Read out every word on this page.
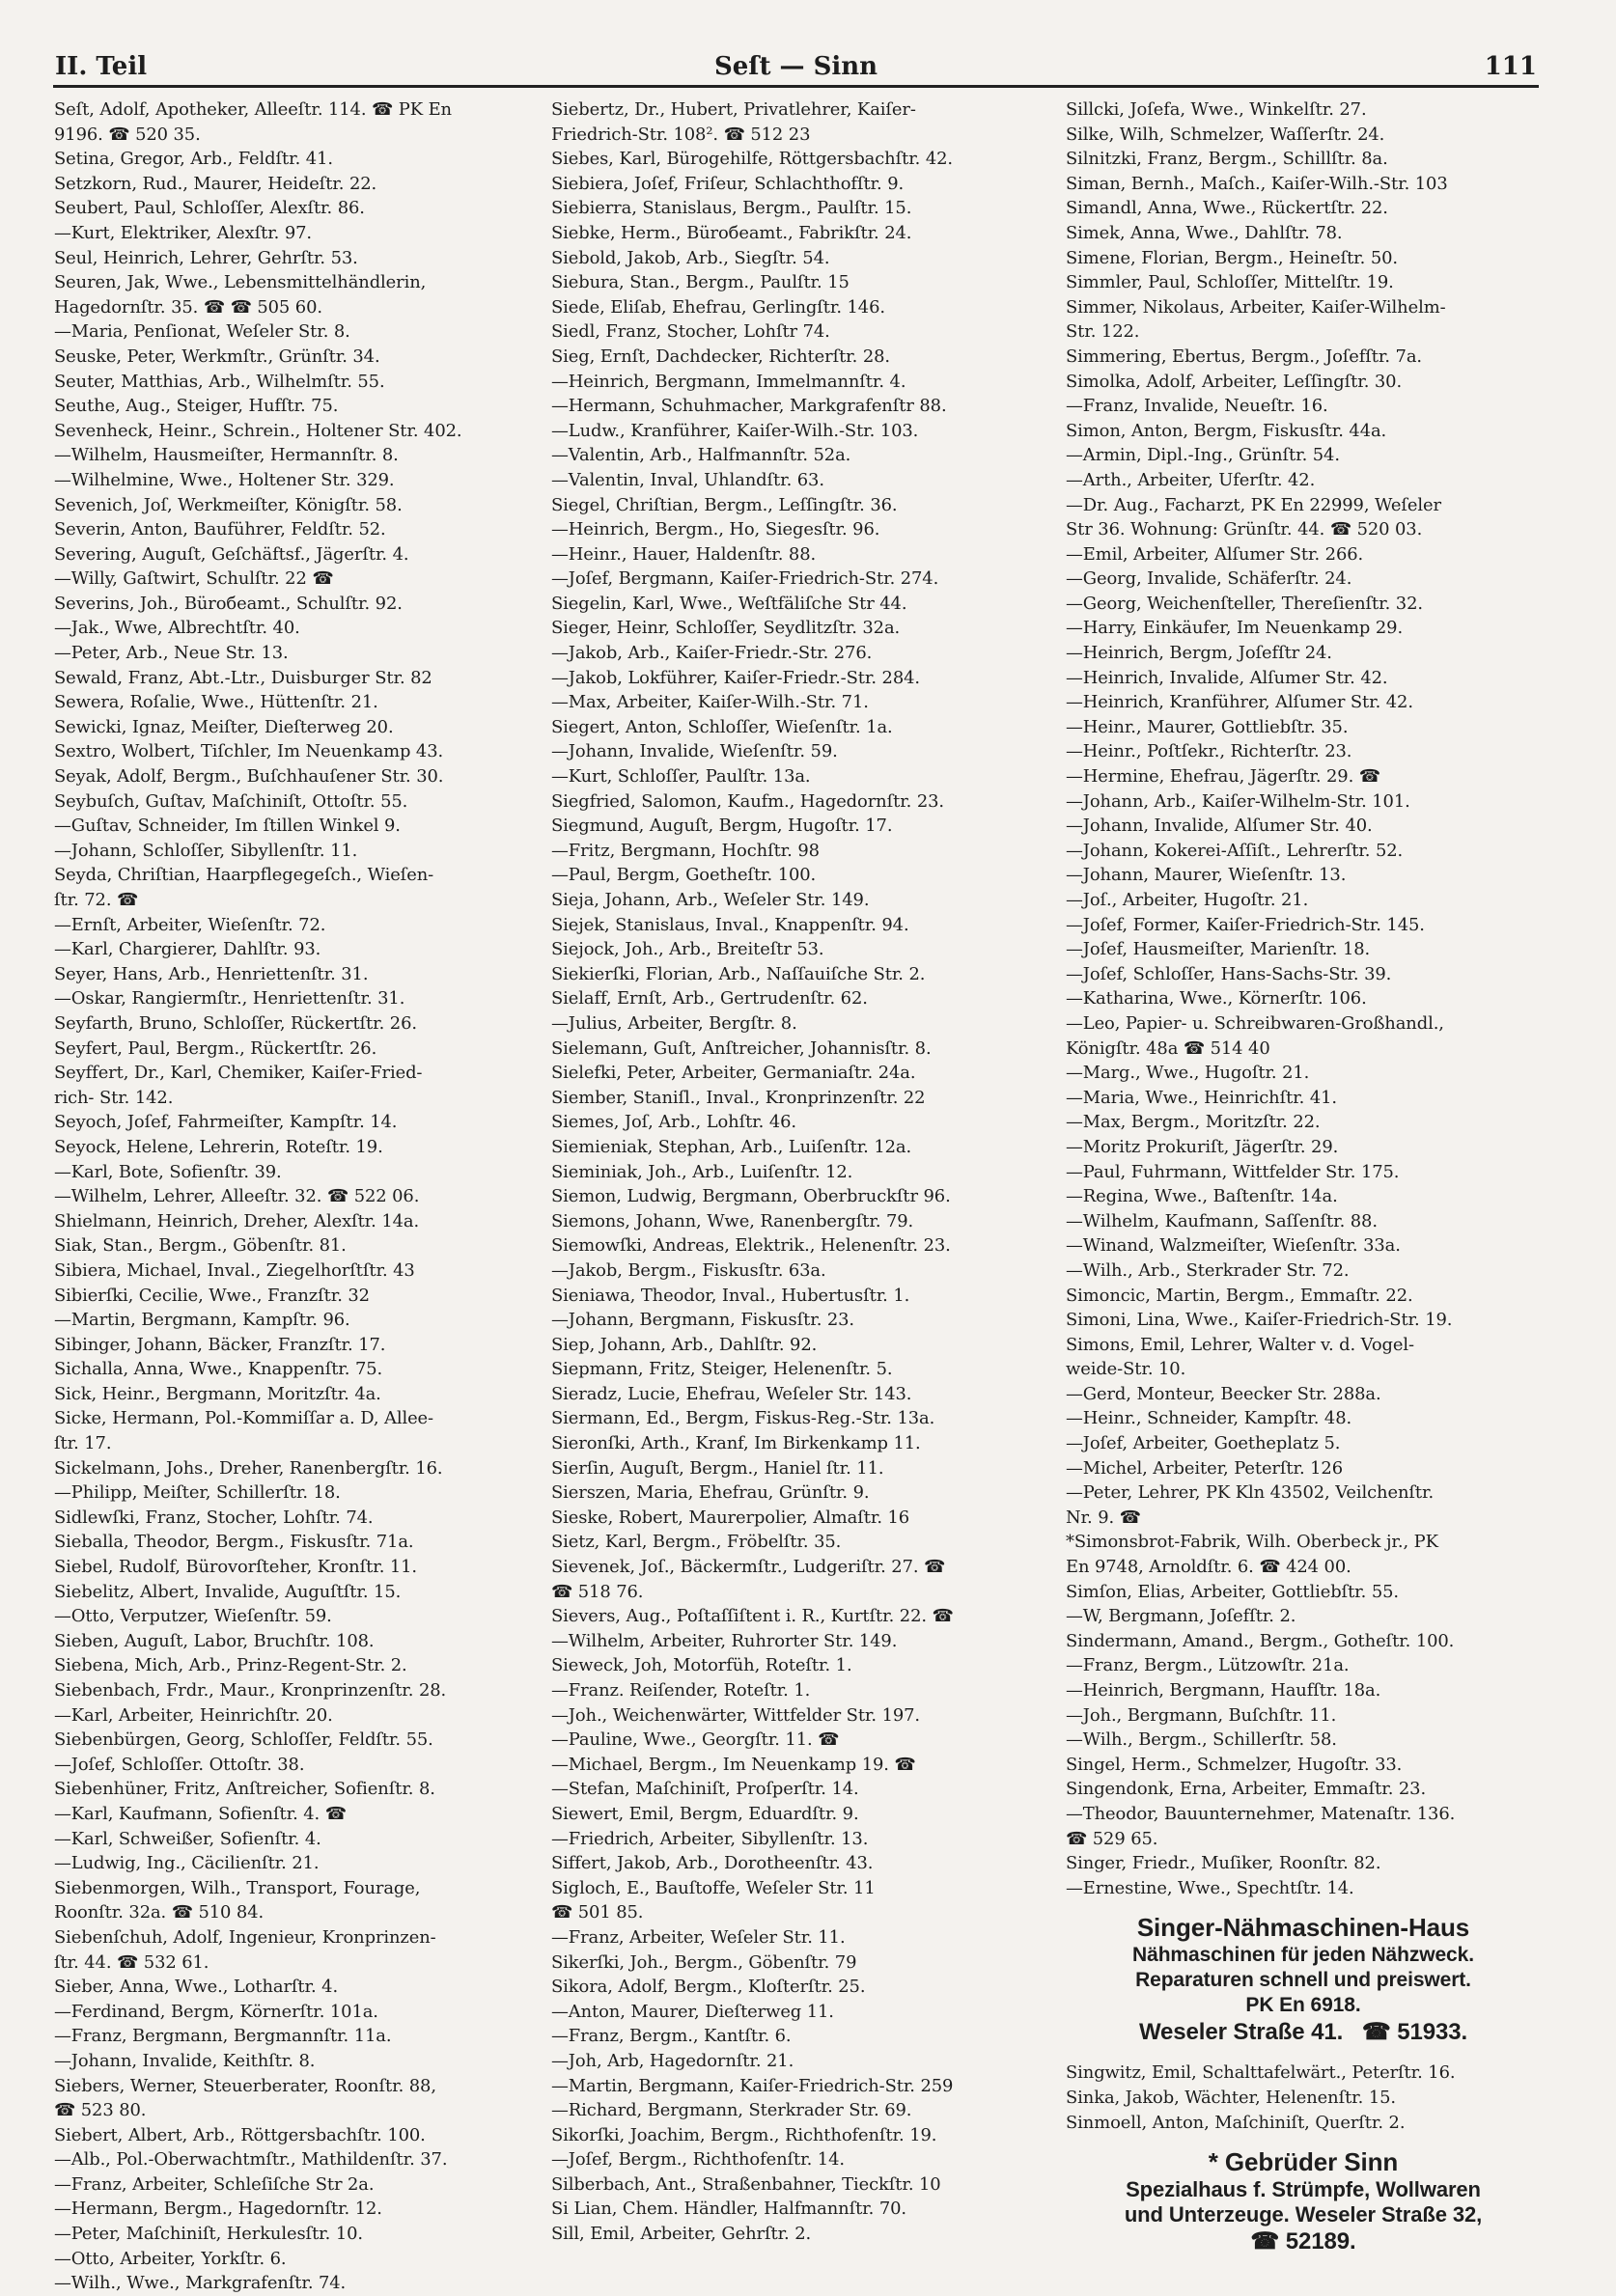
II. Teil	Seſt — Sinn	111
Seſt, Adolf, Apotheker, Alleeſtr. 114. ☎ PK En
9196. ☎ 520 35.
Setina, Gregor, Arb., Feldſtr. 41.
Setzkorn, Rud., Maurer, Heideſtr. 22.
Seubert, Paul, Schloſſer, Alexſtr. 86.
—Kurt, Elektriker, Alexſtr. 97.
Seul, Heinrich, Lehrer, Gehrſtr. 53.
Seuren, Jak, Wwe., Lebensmittelhändlerin,
Hagedornſtr. 35. ☎ ☎ 505 60.
—Maria, Penſionat, Weſeler Str. 8.
Seuske, Peter, Werkmſtr., Grünſtr. 34.
Seuter, Matthias, Arb., Wilhelmſtr. 55.
Seuthe, Aug., Steiger, Hufſtr. 75.
Sevenheck, Heinr., Schrein., Holtener Str. 402.
—Wilhelm, Hausmeiſter, Hermannſtr. 8.
—Wilhelmine, Wwe., Holtener Str. 329.
Sevenich, Joſ, Werkmeiſter, Königſtr. 58.
Severin, Anton, Bauführer, Feldſtr. 52.
Severing, Auguſt, Geſchäftsf., Jägerſtr. 4.
—Willy, Gaſtwirt, Schulſtr. 22 ☎
Severins, Joh., Büroбeamt., Schulſtr. 92.
—Jak., Wwe, Albrechtſtr. 40.
—Peter, Arb., Neue Str. 13.
Sewald, Franz, Abt.-Ltr., Duisburger Str. 82
Sewera, Roſalie, Wwe., Hüttenſtr. 21.
Sewicki, Ignaz, Meiſter, Dieſterweg 20.
Sextro, Wolbert, Tiſchler, Im Neuenkamp 43.
Seyak, Adolf, Bergm., Buſchhauſener Str. 30.
Seybuſch, Guſtav, Maſchiniſt, Ottoſtr. 55.
—Guſtav, Schneider, Im ſtillen Winkel 9.
—Johann, Schloſſer, Sibyllenſtr. 11.
Seyda, Chriſtian, Haarpflegegeſch., Wieſen-
ſtr. 72. ☎
—Ernſt, Arbeiter, Wieſenſtr. 72.
—Karl, Chargierer, Dahlſtr. 93.
Seyer, Hans, Arb., Henriettenſtr. 31.
—Oskar, Rangiermſtr., Henriettenſtr. 31.
Seyfarth, Bruno, Schloſſer, Rückertſtr. 26.
Seyfert, Paul, Bergm., Rückertſtr. 26.
Seyffert, Dr., Karl, Chemiker, Kaiſer-Fried-
rich- Str. 142.
Seyoch, Joſef, Fahrmeiſter, Kampſtr. 14.
Seyock, Helene, Lehrerin, Roteſtr. 19.
—Karl, Bote, Sofienſtr. 39.
—Wilhelm, Lehrer, Alleeſtr. 32. ☎ 522 06.
Shielmann, Heinrich, Dreher, Alexſtr. 14a.
Siak, Stan., Bergm., Göbenſtr. 81.
Sibiera, Michael, Inval., Ziegelhorſtſtr. 43
Sibierſki, Cecilie, Wwe., Franzſtr. 32
—Martin, Bergmann, Kampſtr. 96.
Sibinger, Johann, Bäcker, Franzſtr. 17.
Sichalla, Anna, Wwe., Knappenſtr. 75.
Sick, Heinr., Bergmann, Moritzſtr. 4a.
Sicke, Hermann, Pol.-Kommiſſar a. D, Allee-
ſtr. 17.
Sickelmann, Johs., Dreher, Ranenbergſtr. 16.
—Philipp, Meiſter, Schillerſtr. 18.
Sidlewſki, Franz, Stocher, Lohſtr. 74.
Sieballa, Theodor, Bergm., Fiskusſtr. 71a.
Siebel, Rudolf, Bürovorſteher, Kronſtr. 11.
Siebelitz, Albert, Invalide, Auguſtſtr. 15.
—Otto, Verputzer, Wieſenſtr. 59.
Sieben, Auguſt, Labor, Bruchſtr. 108.
Siebena, Mich, Arb., Prinz-Regent-Str. 2.
Siebenbach, Frdr., Maur., Kronprinzenſtr. 28.
—Karl, Arbeiter, Heinrichſtr. 20.
Siebenbürgen, Georg, Schloſſer, Feldſtr. 55.
—Joſef, Schloſſer. Ottoſtr. 38.
Siebenhüner, Fritz, Anſtreicher, Sofienſtr. 8.
—Karl, Kaufmann, Sofienſtr. 4. ☎
—Karl, Schweißer, Sofienſtr. 4.
—Ludwig, Ing., Cäcilienſtr. 21.
Siebenmorgen, Wilh., Transport, Fourage,
Roonſtr. 32a. ☎ 510 84.
Siebenſchuh, Adolf, Ingenieur, Kronprinzen-
ſtr. 44. ☎ 532 61.
Sieber, Anna, Wwe., Lotharſtr. 4.
—Ferdinand, Bergm, Körnerſtr. 101a.
—Franz, Bergmann, Bergmannſtr. 11a.
—Johann, Invalide, Keithſtr. 8.
Siebers, Werner, Steuerberater, Roonſtr. 88,
☎ 523 80.
Siebert, Albert, Arb., Röttgersbachſtr. 100.
—Alb., Pol.-Oberwachtmſtr., Mathildenſtr. 37.
—Franz, Arbeiter, Schleſiſche Str 2a.
—Hermann, Bergm., Hagedornſtr. 12.
—Peter, Maſchiniſt, Herkulesſtr. 10.
—Otto, Arbeiter, Yorkſtr. 6.
—Wilh., Wwe., Markgrafenſtr. 74.
Siebertz, Dr., Hubert, Privatlehrer, Kaiſer-
Friedrich-Str. 108². ☎ 512 23
Siebes, Karl, Bürogehilfe, Röttgersbachſtr. 42.
Siebiera, Joſef, Friſeur, Schlachthofſtr. 9.
Siebierra, Stanislaus, Bergm., Paulſtr. 15.
Siebke, Herm., Büroбeamt., Fabrikſtr. 24.
Siebold, Jakob, Arb., Siegſtr. 54.
Siebura, Stan., Bergm., Paulſtr. 15
Siede, Eliſab, Ehefrau, Gerlingſtr. 146.
Siedl, Franz, Stocher, Lohſtr 74.
Sieg, Ernſt, Dachdecker, Richterſtr. 28.
—Heinrich, Bergmann, Immelmannſtr. 4.
—Hermann, Schuhmacher, Markgrafenſtr 88.
—Ludw., Kranführer, Kaiſer-Wilh.-Str. 103.
—Valentin, Arb., Halfmannſtr. 52a.
—Valentin, Inval, Uhlandſtr. 63.
Siegel, Chriſtian, Bergm., Leſſingſtr. 36.
—Heinrich, Bergm., Ho, Siegesſtr. 96.
—Heinr., Hauer, Haldenſtr. 88.
—Joſef, Bergmann, Kaiſer-Friedrich-Str. 274.
Siegelin, Karl, Wwe., Weſtfäliſche Str 44.
Sieger, Heinr, Schloſſer, Seydlitzſtr. 32a.
—Jakob, Arb., Kaiſer-Friedr.-Str. 276.
—Jakob, Lokführer, Kaiſer-Friedr.-Str. 284.
—Max, Arbeiter, Kaiſer-Wilh.-Str. 71.
Siegert, Anton, Schloſſer, Wieſenſtr. 1a.
—Johann, Invalide, Wieſenſtr. 59.
—Kurt, Schloſſer, Paulſtr. 13a.
Siegfried, Salomon, Kaufm., Hagedornſtr. 23.
Siegmund, Auguſt, Bergm, Hugoſtr. 17.
—Fritz, Bergmann, Hochſtr. 98
—Paul, Bergm, Goetheſtr. 100.
Sieja, Johann, Arb., Weſeler Str. 149.
Siejek, Stanislaus, Inval., Knappenſtr. 94.
Siejock, Joh., Arb., Breiteſtr 53.
Siekierſki, Florian, Arb., Naſſauiſche Str. 2.
Sielaff, Ernſt, Arb., Gertrudenſtr. 62.
—Julius, Arbeiter, Bergſtr. 8.
Sielemann, Guſt, Anſtreicher, Johannisſtr. 8.
Sielefki, Peter, Arbeiter, Germaniaſtr. 24a.
Siember, Staniſl., Inval., Kronprinzenſtr. 22
Siemes, Joſ, Arb., Lohſtr. 46.
Siemieniak, Stephan, Arb., Luiſenſtr. 12a.
Sieminiak, Joh., Arb., Luiſenſtr. 12.
Siemon, Ludwig, Bergmann, Oberbruckſtr 96.
Siemons, Johann, Wwe, Ranenbergſtr. 79.
Siemowſki, Andreas, Elektrik., Helenenſtr. 23.
—Jakob, Bergm., Fiskusſtr. 63a.
Sieniawa, Theodor, Inval., Hubertusſtr. 1.
—Johann, Bergmann, Fiskusſtr. 23.
Siep, Johann, Arb., Dahlſtr. 92.
Siepmann, Fritz, Steiger, Helenenſtr. 5.
Sieradz, Lucie, Ehefrau, Weſeler Str. 143.
Siermann, Ed., Bergm, Fiskus-Reg.-Str. 13a.
Sieronſki, Arth., Kranf, Im Birkenkamp 11.
Sierſin, Auguſt, Bergm., Haniel ſtr. 11.
Sierszen, Maria, Ehefrau, Grünſtr. 9.
Sieske, Robert, Maurerpolier, Almaſtr. 16
Sietz, Karl, Bergm., Fröbelſtr. 35.
Sievenek, Joſ., Bäckermſtr., Ludgeriſtr. 27. ☎
☎ 518 76.
Sievers, Aug., Poſtaſſiſtent i. R., Kurtſtr. 22. ☎
—Wilhelm, Arbeiter, Ruhrorter Str. 149.
Sieweck, Joh, Motorfüh, Roteſtr. 1.
—Franz. Reiſender, Roteſtr. 1.
—Joh., Weichenwärter, Wittfelder Str. 197.
—Pauline, Wwe., Georgſtr. 11. ☎
—Michael, Bergm., Im Neuenkamp 19. ☎
—Stefan, Maſchiniſt, Proſperſtr. 14.
Siewert, Emil, Bergm, Eduardſtr. 9.
—Friedrich, Arbeiter, Sibyllenſtr. 13.
Siffert, Jakob, Arb., Dorotheenſtr. 43.
Sigloch, E., Bauſtoffe, Weſeler Str. 11
☎ 501 85.
—Franz, Arbeiter, Weſeler Str. 11.
Sikerſki, Joh., Bergm., Göbenſtr. 79
Sikora, Adolf, Bergm., Kloſterſtr. 25.
—Anton, Maurer, Dieſterweg 11.
—Franz, Bergm., Kantſtr. 6.
—Joh, Arb, Hagedornſtr. 21.
—Martin, Bergmann, Kaiſer-Friedrich-Str. 259
—Richard, Bergmann, Sterkrader Str. 69.
Sikorſki, Joachim, Bergm., Richthofenſtr. 19.
—Joſef, Bergm., Richthofenſtr. 14.
Silberbach, Ant., Straßenbahner, Tieckſtr. 10
Si Lian, Chem. Händler, Halfmannſtr. 70.
Sill, Emil, Arbeiter, Gehrſtr. 2.
Sillcki, Joſefa, Wwe., Winkelſtr. 27.
Silke, Wilh, Schmelzer, Waſſerſtr. 24.
Silnitzki, Franz, Bergm., Schillſtr. 8a.
Siman, Bernh., Maſch., Kaiſer-Wilh.-Str. 103
Simandl, Anna, Wwe., Rückertſtr. 22.
Simek, Anna, Wwe., Dahlſtr. 78.
Simene, Florian, Bergm., Heineſtr. 50.
Simmler, Paul, Schloſſer, Mittelſtr. 19.
Simmer, Nikolaus, Arbeiter, Kaiſer-Wilhelm-
Str. 122.
Simmering, Ebertus, Bergm., Joſefſtr. 7a.
Simolka, Adolf, Arbeiter, Leſſingſtr. 30.
—Franz, Invalide, Neueſtr. 16.
Simon, Anton, Bergm, Fiskusſtr. 44a.
—Armin, Dipl.-Ing., Grünſtr. 54.
—Arth., Arbeiter, Uferſtr. 42.
—Dr. Aug., Facharzt, PK En 22999, Weſeler
Str 36. Wohnung: Grünſtr. 44. ☎ 520 03.
—Emil, Arbeiter, Alſumer Str. 266.
—Georg, Invalide, Schäferſtr. 24.
—Georg, Weichenſteller, Thereſienſtr. 32.
—Harry, Einkäufer, Im Neuenkamp 29.
—Heinrich, Bergm, Joſefſtr 24.
—Heinrich, Invalide, Alſumer Str. 42.
—Heinrich, Kranführer, Alſumer Str. 42.
—Heinr., Maurer, Gottliebſtr. 35.
—Heinr., Poſtſekr., Richterſtr. 23.
—Hermine, Ehefrau, Jägerſtr. 29. ☎
—Johann, Arb., Kaiſer-Wilhelm-Str. 101.
—Johann, Invalide, Alſumer Str. 40.
—Johann, Kokerei-Aſſiſt., Lehrerſtr. 52.
—Johann, Maurer, Wieſenſtr. 13.
—Joſ., Arbeiter, Hugoſtr. 21.
—Joſef, Former, Kaiſer-Friedrich-Str. 145.
—Joſef, Hausmeiſter, Marienſtr. 18.
—Joſef, Schloſſer, Hans-Sachs-Str. 39.
—Katharina, Wwe., Körnerſtr. 106.
—Leo, Papier- u. Schreibwaren-Großhandl.,
Königſtr. 48a ☎ 514 40
—Marg., Wwe., Hugoſtr. 21.
—Maria, Wwe., Heinrichſtr. 41.
—Max, Bergm., Moritzſtr. 22.
—Moritz Prokuriſt, Jägerſtr. 29.
—Paul, Fuhrmann, Wittfelder Str. 175.
—Regina, Wwe., Baſtenſtr. 14a.
—Wilhelm, Kaufmann, Saſſenſtr. 88.
—Winand, Walzmeiſter, Wieſenſtr. 33a.
—Wilh., Arb., Sterkrader Str. 72.
Simoncic, Martin, Bergm., Emmaſtr. 22.
Simoni, Lina, Wwe., Kaiſer-Friedrich-Str. 19.
Simons, Emil, Lehrer, Walter v. d. Vogel-
weide-Str. 10.
—Gerd, Monteur, Beecker Str. 288a.
—Heinr., Schneider, Kampſtr. 48.
—Joſef, Arbeiter, Goetheplatz 5.
—Michel, Arbeiter, Peterſtr. 126
—Peter, Lehrer, PK Kln 43502, Veilchenſtr.
Nr. 9. ☎
*Simonsbrot-Fabrik, Wilh. Oberbeck jr., PK
En 9748, Arnoldſtr. 6. ☎ 424 00.
Simſon, Elias, Arbeiter, Gottliebſtr. 55.
—W, Bergmann, Joſefſtr. 2.
Sindermann, Amand., Bergm., Gotheſtr. 100.
—Franz, Bergm., Lützowſtr. 21a.
—Heinrich, Bergmann, Haufſtr. 18a.
—Joh., Bergmann, Buſchſtr. 11.
—Wilh., Bergm., Schillerſtr. 58.
Singel, Herm., Schmelzer, Hugoſtr. 33.
Singendonk, Erna, Arbeiter, Emmaſtr. 23.
—Theodor, Bauunternehmer, Matenaſtr. 136.
☎ 529 65.
Singer, Friedr., Muſiker, Roonſtr. 82.
—Ernestine, Wwe., Spechtſtr. 14.
Singer-Nähmaschinen-Haus
Nähmaschinen für jeden Nähzweck.
Reparaturen schnell und preiswert.
PK En 6918.
Weseler Straße 41. ☎ 51933.
Singwitz, Emil, Schalttafelwärt., Peterſtr. 16.
Sinka, Jakob, Wächter, Helenenſtr. 15.
Sinmoell, Anton, Maſchiniſt, Querſtr. 2.
* Gebrüder Sinn
Spezialhaus f. Strümpfe, Wollwaren
und Unterzeuge. Weseler Straße 32,
☎ 52189.
